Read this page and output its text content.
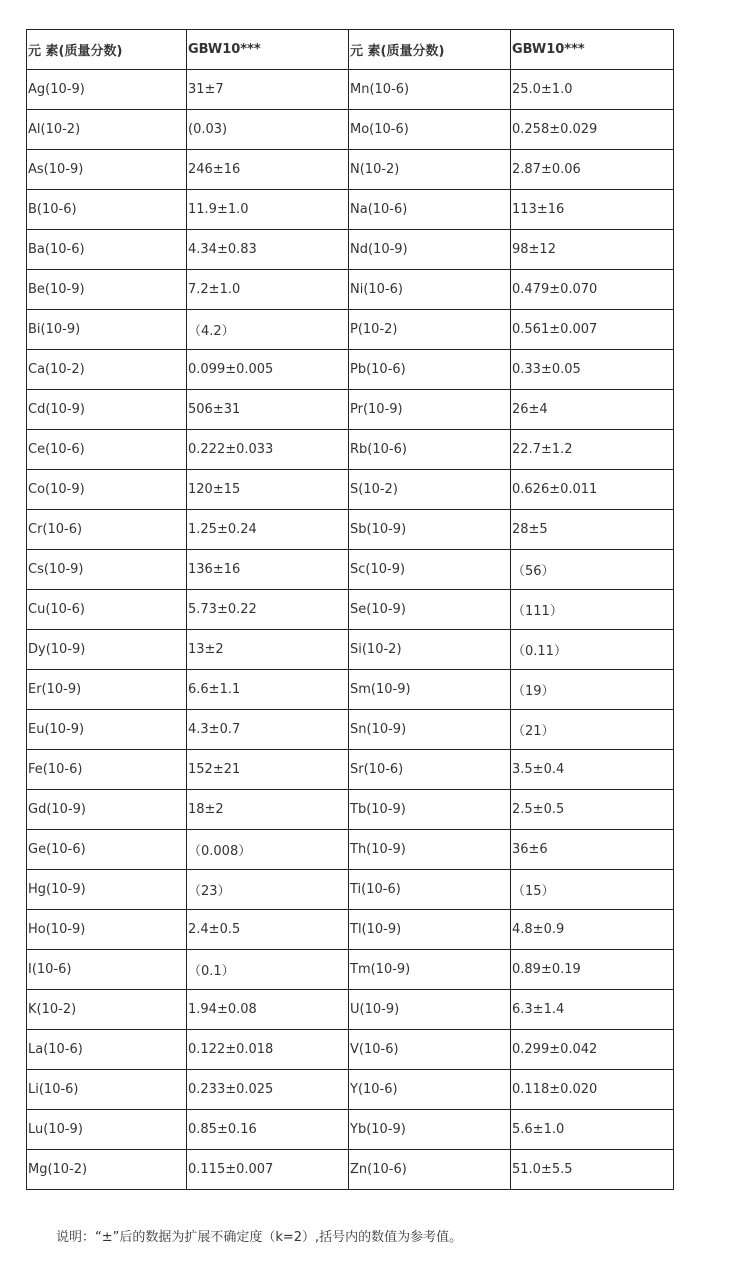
元 素(质量分数)	GBW10***	元 素(质量分数)	GBW10***
Ag(10-9)	31±7	Mn(10-6)	25.0±1.0
Al(10-2)	(0.03)	Mo(10-6)	0.258±0.029
As(10-9)	246±16	N(10-2)	2.87±0.06
B(10-6)	11.9±1.0	Na(10-6)	113±16
Ba(10-6)	4.34±0.83	Nd(10-9)	98±12
Be(10-9)	7.2±1.0	Ni(10-6)	0.479±0.070
Bi(10-9)	（4.2）	P(10-2)	0.561±0.007
Ca(10-2)	0.099±0.005	Pb(10-6)	0.33±0.05
Cd(10-9)	506±31	Pr(10-9)	26±4
Ce(10-6)	0.222±0.033	Rb(10-6)	22.7±1.2
Co(10-9)	120±15	S(10-2)	0.626±0.011
Cr(10-6)	1.25±0.24	Sb(10-9)	28±5
Cs(10-9)	136±16	Sc(10-9)	（56）
Cu(10-6)	5.73±0.22	Se(10-9)	（111）
Dy(10-9)	13±2	Si(10-2)	（0.11）
Er(10-9)	6.6±1.1	Sm(10-9)	（19）
Eu(10-9)	4.3±0.7	Sn(10-9)	（21）
Fe(10-6)	152±21	Sr(10-6)	3.5±0.4
Gd(10-9)	18±2	Tb(10-9)	2.5±0.5
Ge(10-6)	（0.008）	Th(10-9)	36±6
Hg(10-9)	（23）	Ti(10-6)	（15）
Ho(10-9)	2.4±0.5	Tl(10-9)	4.8±0.9
I(10-6)	（0.1）	Tm(10-9)	0.89±0.19
K(10-2)	1.94±0.08	U(10-9)	6.3±1.4
La(10-6)	0.122±0.018	V(10-6)	0.299±0.042
Li(10-6)	0.233±0.025	Y(10-6)	0.118±0.020
Lu(10-9)	0.85±0.16	Yb(10-9)	5.6±1.0
Mg(10-2)	0.115±0.007	Zn(10-6)	51.0±5.5
说明：“±”后的数据为扩展不确定度（k=2）,括号内的数值为参考值。
